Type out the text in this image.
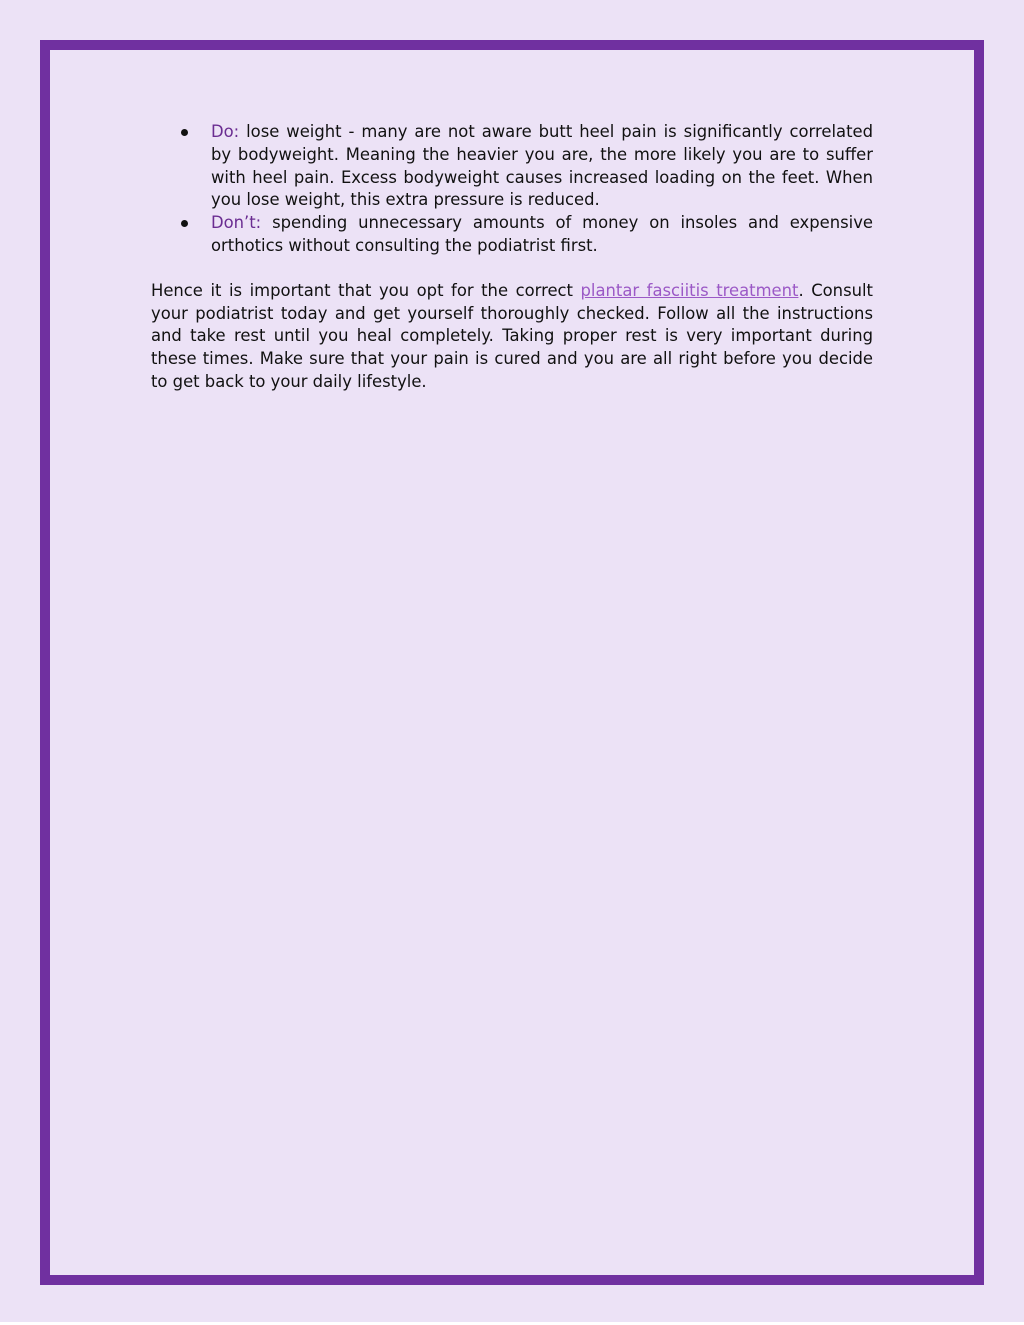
Do: lose weight - many are not aware butt heel pain is significantly correlated by bodyweight. Meaning the heavier you are, the more likely you are to suffer with heel pain. Excess bodyweight causes increased loading on the feet. When you lose weight, this extra pressure is reduced.
Don’t: spending unnecessary amounts of money on insoles and expensive orthotics without consulting the podiatrist first.

Hence it is important that you opt for the correct plantar fasciitis treatment. Consult your podiatrist today and get yourself thoroughly checked. Follow all the instructions and take rest until you heal completely. Taking proper rest is very important during these times. Make sure that your pain is cured and you are all right before you decide to get back to your daily lifestyle.
